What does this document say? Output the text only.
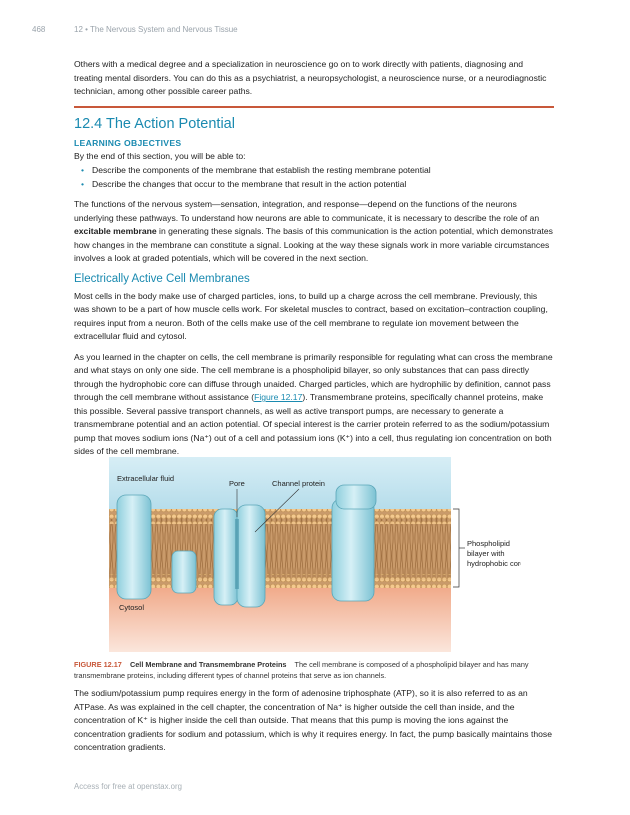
468	12 • The Nervous System and Nervous Tissue

Others with a medical degree and a specialization in neuroscience go on to work directly with patients, diagnosing and treating mental disorders. You can do this as a psychiatrist, a neuropsychologist, a neuroscience nurse, or a neurodiagnostic technician, among other possible career paths.

12.4 The Action Potential
LEARNING OBJECTIVES

By the end of this section, you will be able to:

• Describe the components of the membrane that establish the resting membrane potential
• Describe the changes that occur to the membrane that result in the action potential

The functions of the nervous system—sensation, integration, and response—depend on the functions of the neurons underlying these pathways. To understand how neurons are able to communicate, it is necessary to describe the role of an excitable membrane in generating these signals. The basis of this communication is the action potential, which demonstrates how changes in the membrane can constitute a signal. Looking at the way these signals work in more variable circumstances involves a look at graded potentials, which will be covered in the next section.

Electrically Active Cell Membranes

Most cells in the body make use of charged particles, ions, to build up a charge across the cell membrane. Previously, this was shown to be a part of how muscle cells work. For skeletal muscles to contract, based on excitation–contraction coupling, requires input from a neuron. Both of the cells make use of the cell membrane to regulate ion movement between the extracellular fluid and cytosol.

As you learned in the chapter on cells, the cell membrane is primarily responsible for regulating what can cross the membrane and what stays on only one side. The cell membrane is a phospholipid bilayer, so only substances that can pass directly through the hydrophobic core can diffuse through unaided. Charged particles, which are hydrophilic by definition, cannot pass through the cell membrane without assistance (Figure 12.17). Transmembrane proteins, specifically channel proteins, make this possible. Several passive transport channels, as well as active transport pumps, are necessary to generate a transmembrane potential and an action potential. Of special interest is the carrier protein referred to as the sodium/potassium pump that moves sodium ions (Na⁺) out of a cell and potassium ions (K⁺) into a cell, thus regulating ion concentration on both sides of the cell membrane.

Extracellular fluid
Pore	Channel protein
Phospholipid
bilayer with
hydrophobic core
Cytosol
FIGURE 12.17 Cell Membrane and Transmembrane Proteins The cell membrane is composed of a phospholipid bilayer and has many transmembrane proteins, including different types of channel proteins that serve as ion channels.

The sodium/potassium pump requires energy in the form of adenosine triphosphate (ATP), so it is also referred to as an ATPase. As was explained in the cell chapter, the concentration of Na⁺ is higher outside the cell than inside, and the concentration of K⁺ is higher inside the cell than outside. That means that this pump is moving the ions against the concentration gradients for sodium and potassium, which is why it requires energy. In fact, the pump basically maintains those concentration gradients.

Access for free at openstax.org
